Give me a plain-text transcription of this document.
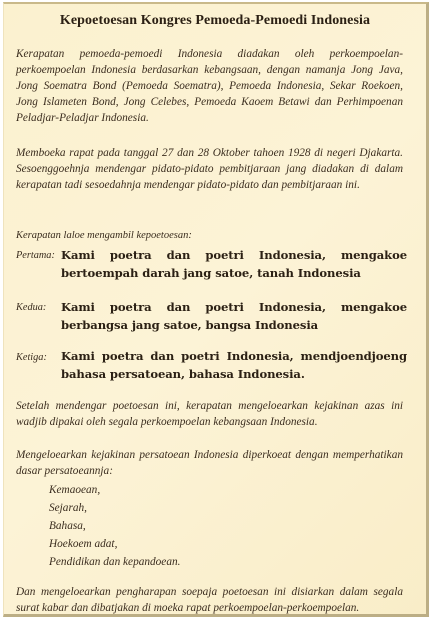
Kepoetoesan Kongres Pemoeda-Pemoedi Indonesia

Kerapatan pemoeda-pemoedi Indonesia diadakan oleh perkoempoelan-perkoempoelan Indonesia berdasarkan kebangsaan, dengan namanja Jong Java, Jong Soematra Bond (Pemoeda Soematra), Pemoeda Indonesia, Sekar Roekoen, Jong Islameten Bond, Jong Celebes, Pemoeda Kaoem Betawi dan Perhimpoenan Peladjar-Peladjar Indonesia.

Memboeka rapat pada tanggal 27 dan 28 Oktober tahoen 1928 di negeri Djakarta. Sesoenggoehnja mendengar pidato-pidato pembitjaraan jang diadakan di dalam kerapatan tadi sesoedahnja mendengar pidato-pidato dan pembitjaraan ini.

Kerapatan laloe mengambil kepoetoesan:
Pertama: Kami poetra dan poetri Indonesia, mengakoe bertoempah darah jang satoe, tanah Indonesia

Kedua: Kami poetra dan poetri Indonesia, mengakoe berbangsa jang satoe, bangsa Indonesia

Ketiga: Kami poetra dan poetri Indonesia, mendjoendjoeng bahasa persatoean, bahasa Indonesia.

Setelah mendengar poetoesan ini, kerapatan mengeloearkan kejakinan azas ini wadjib dipakai oleh segala perkoempoelan kebangsaan Indonesia.

Mengeloearkan kejakinan persatoean Indonesia diperkoeat dengan memperhatikan dasar persatoeannja:

Kemaoean,
Sejarah,
Bahasa,
Hoekoem adat,
Pendidikan dan kepandoean.

Dan mengeloearkan pengharapan soepaja poetoesan ini disiarkan dalam segala surat kabar dan dibatjakan di moeka rapat perkoempoelan-perkoempoelan.
